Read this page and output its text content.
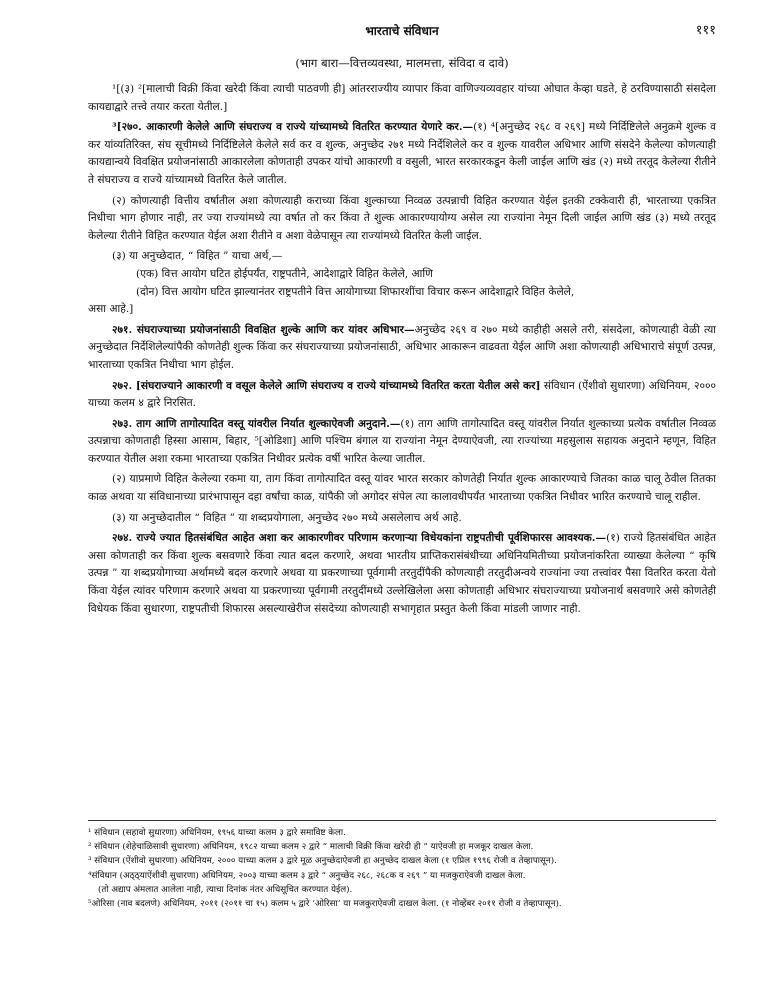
भारताचे संविधान	१११
(भाग बारा—वित्तव्यवस्था, मालमत्ता, संविदा व दावे)

¹[(३) ²[मालाची विक्री किंवा खरेदी किंवा त्याची पाठवणी ही] आंतरराज्यीय व्यापार किंवा वाणिज्यव्यवहार यांच्या ओघात केव्हा घडते, हे ठरविण्यासाठी संसदेला कायद्याद्वारे तत्त्वे तयार करता येतील.]

³[२७०. आकारणी केलेले आणि संघराज्य व राज्ये यांच्यामध्ये वितरित करण्यात येणारे कर.—(१) ⁴[अनुच्छेद २६८ व २६९] मध्ये निर्दिष्टिलेले अनुक्रमे शुल्क व कर यांव्यतिरिक्त, संघ सूचीमध्ये निर्दिष्टिलेले केलेले सर्व कर व शुल्क, अनुच्छेद २७१ मध्ये निर्देशिलेले कर व शुल्क यावरील अधिभार आणि संसदेने केलेल्या कोणत्याही कायद्यान्वये विवक्षित प्रयोजनांसाठी आकारलेला कोणताही उपकर यांचो आकारणी व वसुली, भारत सरकारकडून केली जाईल आणि खंड (२) मध्ये तरतूद केलेल्या रीतीने ते संघराज्य व राज्ये यांच्यामध्ये वितरित केले जातील.

(२) कोणत्याही वित्तीय वर्षातील अशा कोणत्याही कराच्या किंवा शुल्काच्या निव्वळ उत्पन्नाची विहित करण्यात येईल इतकी टक्केवारी ही, भारताच्या एकत्रित निधीचा भाग होणार नाही, तर ज्या राज्यांमध्ये त्या वर्षात तो कर किंवा ते शुल्क आकारण्यायोग्य असेल त्या राज्यांना नेमून दिली जाईल आणि खंड (३) मध्ये तरतूद केलेल्या रीतीने विहित करण्यात येईल अशा रीतीने व अशा वेळेपासून त्या राज्यांमध्ये वितरित केली जाईल.

(३) या अनुच्छेदात, “ विहित ” याचा अर्थ,—

(एक) वित्त आयोग घटित होईपर्यंत, राष्ट्रपतीने, आदेशाद्वारे विहित केलेले, आणि

(दोन) वित्त आयोग घटित झाल्यानंतर राष्ट्रपतीने वित्त आयोगाच्या शिफारशींचा विचार करून आदेशाद्वारे विहित केलेले,

असा आहे.]

२७१. संघराज्याच्या प्रयोजनांसाठी विवक्षित शुल्के आणि कर यांवर अधिभार—अनुच्छेद २६९ व २७० मध्ये काहीही असले तरी, संसदेला, कोणत्याही वेळी त्या अनुच्छेदात निर्देशिलेल्यांपैकी कोणतेही शुल्क किंवा कर संघराज्याच्या प्रयोजनांसाठी, अधिभार आकारून वाढवता येईल आणि अशा कोणत्याही अधिभाराचे संपूर्ण उत्पन्न, भारताच्या एकत्रित निधीचा भाग होईल.

२७२. [संघराज्याने आकारणी व वसूल केलेले आणि संघराज्य व राज्ये यांच्यामध्ये वितरित करता येतील असे कर] संविधान (ऐंशीवो सुधारणा) अधिनियम, २००० याच्या कलम ४ द्वारे निरसित.

२७३. ताग आणि तागोत्पादित वस्तू यांवरील निर्यात शुल्काऐवजी अनुदाने.—(१) ताग आणि तागोत्पादित वस्तू यांवरील निर्यात शुल्काच्या प्रत्येक वर्षातील निव्वळ उत्पन्नाचा कोणताही हिस्सा आसाम, बिहार, ⁵[ओडिशा] आणि पश्चिम बंगाल या राज्यांना नेमून देण्याऐवजी, त्या राज्यांच्या महसुलास सहायक अनुदाने म्हणून, विहित करण्यात येतील अशा रकमा भारताच्या एकत्रित निधीवर प्रत्येक वर्षी भारित केल्या जातील.

(२) याप्रमाणे विहित केलेल्या रकमा या, ताग किंवा तागोत्पादित वस्तू यांवर भारत सरकार कोणतेही निर्यात शुल्क आकारण्याचे जितका काळ चालू ठेवील तितका काळ अथवा या संविधानाच्या प्रारंभापासून दहा वर्षांचा काळ, यांपैकी जो अगोदर संपेल त्या कालावधीपर्यंत भारताच्या एकत्रित निधीवर भारित करण्याचे चालू राहील.

(३) या अनुच्छेदातील “ विहित ” या शब्दप्रयोगाला, अनुच्छेद २७० मध्ये असलेलाच अर्थ आहे.

२७४. राज्ये ज्यात हितसंबंधित आहेत अशा कर आकारणीवर परिणाम करणाऱ्या विधेयकांना राष्ट्रपतीची पूर्वशिफारस आवश्यक.—(१) राज्ये हितसंबंधित आहेत असा कोणताही कर किंवा शुल्क बसवणारे किंवा त्यात बदल करणारे, अथवा भारतीय प्राप्तिकरासंबंधीच्या अधिनियमितीच्या प्रयोजनांकरिता व्याख्या केलेल्या “ कृषि उत्पन्न ” या शब्दप्रयोगाच्या अर्थामध्ये बदल करणारे अथवा या प्रकरणाच्या पूर्वगामी तरतुदींपैकी कोणत्याही तरतुदीअन्वये राज्यांना ज्या तत्त्वांवर पैसा वितरित करता येतो किंवा येईल त्यांवर परिणाम करणारे अथवा या प्रकरणाच्या पूर्वगामी तरतुदींमध्ये उल्लेखिलेला असा कोणताही अधिभार संघराज्याच्या प्रयोजनार्थ बसवणारे असे कोणतेही विधेयक किंवा सुधारणा, राष्ट्रपतीची शिफारस असल्याखेरीज संसदेच्या कोणत्याही सभागृहात प्रस्तुत केली किंवा मांडली जाणार नाही.

¹ संविधान (सहावो सुधारणा) अधिनियम, १९५६ याच्या कलम ३ द्वारे समाविष्ट केला.

² संविधान (शेहेचाळिसावी सुधारणा) अधिनियम, १९८२ याच्या कलम २ द्वारे “ मालाची विक्री किंवा खरेदी ही ” याऐवजी हा मजकूर दाखल केला.

³ संविधान (ऐंशीवो सुधारणा) अधिनियम, २००० याच्या कलम ३ द्वारे मूळ अनुच्छेदाऐवजी हा अनुच्छेद दाखल केला (१ एप्रिल १९९६ रोजी व तेव्हापासून).

⁴संविधान (अठ्ठ्याऐंशीवी सुधारणा) अधिनियम, २००३ याच्या कलम ३ द्वारे “ अनुच्छेद २६८, २६८क व २६९ ” या मजकुराऐवजी दाखल केला.

(तो अद्याप अंमलात आलेला नाही, त्याचा दिनांक नंतर अधिसूचित करण्यात येईल).

⁵ओरिसा (नाव बदलणे) अधिनियम, २०११ (२०११ चा १५) कलम ५ द्वारे ‘ओरिसा’ या मजकुराऐवजी दाखल केला. (१ नोव्हेंबर २०११ रोजी व तेव्हापासून).
